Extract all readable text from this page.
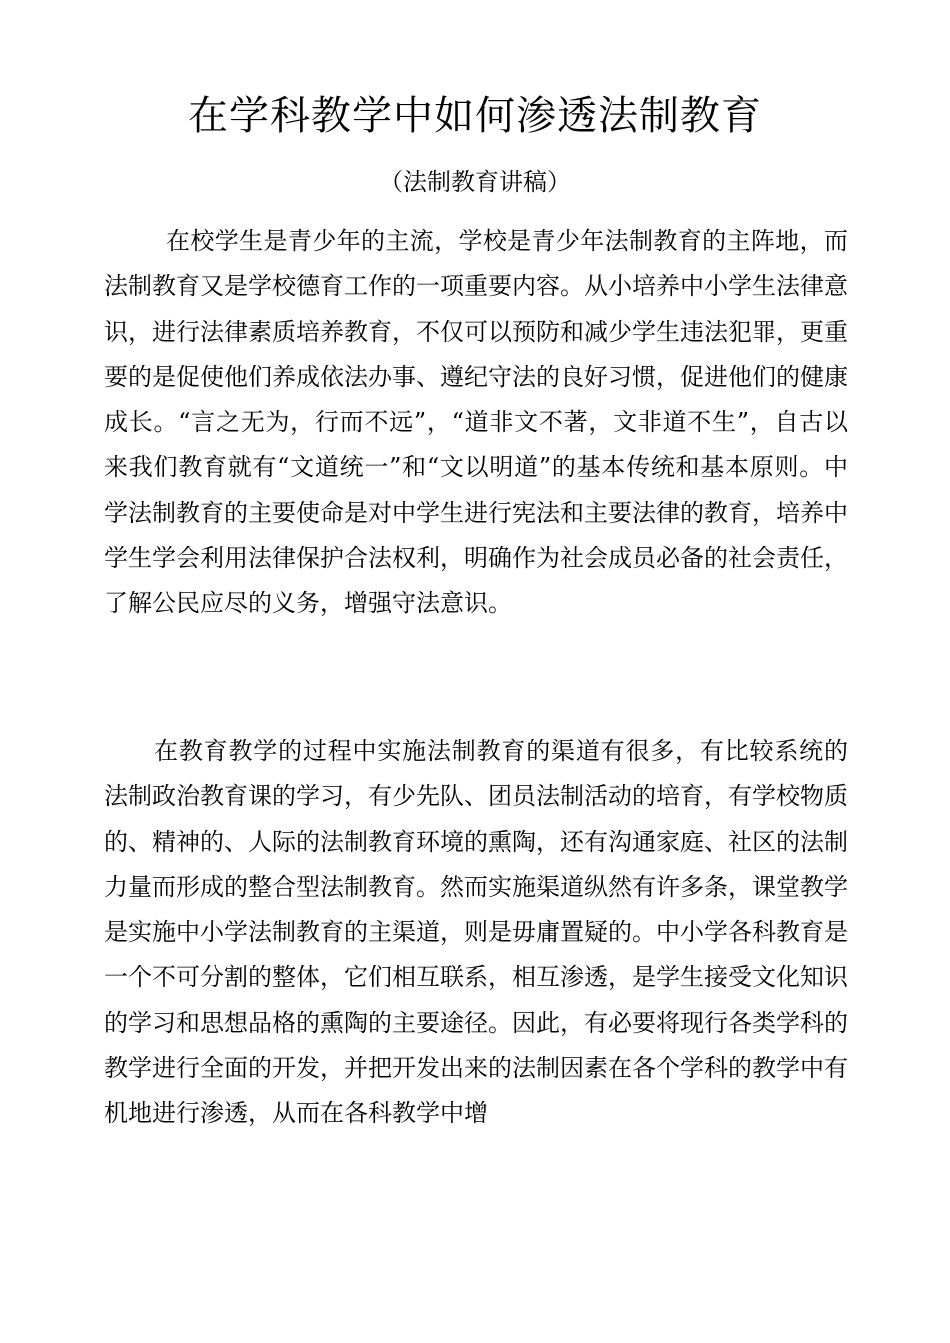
在学科教学中如何渗透法制教育

（法制教育讲稿）

在校学生是青少年的主流，学校是青少年法制教育的主阵地，而法制教育又是学校德育工作的一项重要内容。从小培养中小学生法律意识，进行法律素质培养教育，不仅可以预防和减少学生违法犯罪，更重要的是促使他们养成依法办事、遵纪守法的良好习惯，促进他们的健康成长。“言之无为，行而不远”，“道非文不著，文非道不生”，自古以来我们教育就有“文道统一”和“文以明道”的基本传统和基本原则。中学法制教育的主要使命是对中学生进行宪法和主要法律的教育，培养中学生学会利用法律保护合法权利，明确作为社会成员必备的社会责任，了解公民应尽的义务，增强守法意识。

在教育教学的过程中实施法制教育的渠道有很多，有比较系统的法制政治教育课的学习，有少先队、团员法制活动的培育，有学校物质的、精神的、人际的法制教育环境的熏陶，还有沟通家庭、社区的法制力量而形成的整合型法制教育。然而实施渠道纵然有许多条，课堂教学是实施中小学法制教育的主渠道，则是毋庸置疑的。中小学各科教育是一个不可分割的整体，它们相互联系，相互渗透，是学生接受文化知识的学习和思想品格的熏陶的主要途径。因此，有必要将现行各类学科的教学进行全面的开发，并把开发出来的法制因素在各个学科的教学中有机地进行渗透，从而在各科教学中增
